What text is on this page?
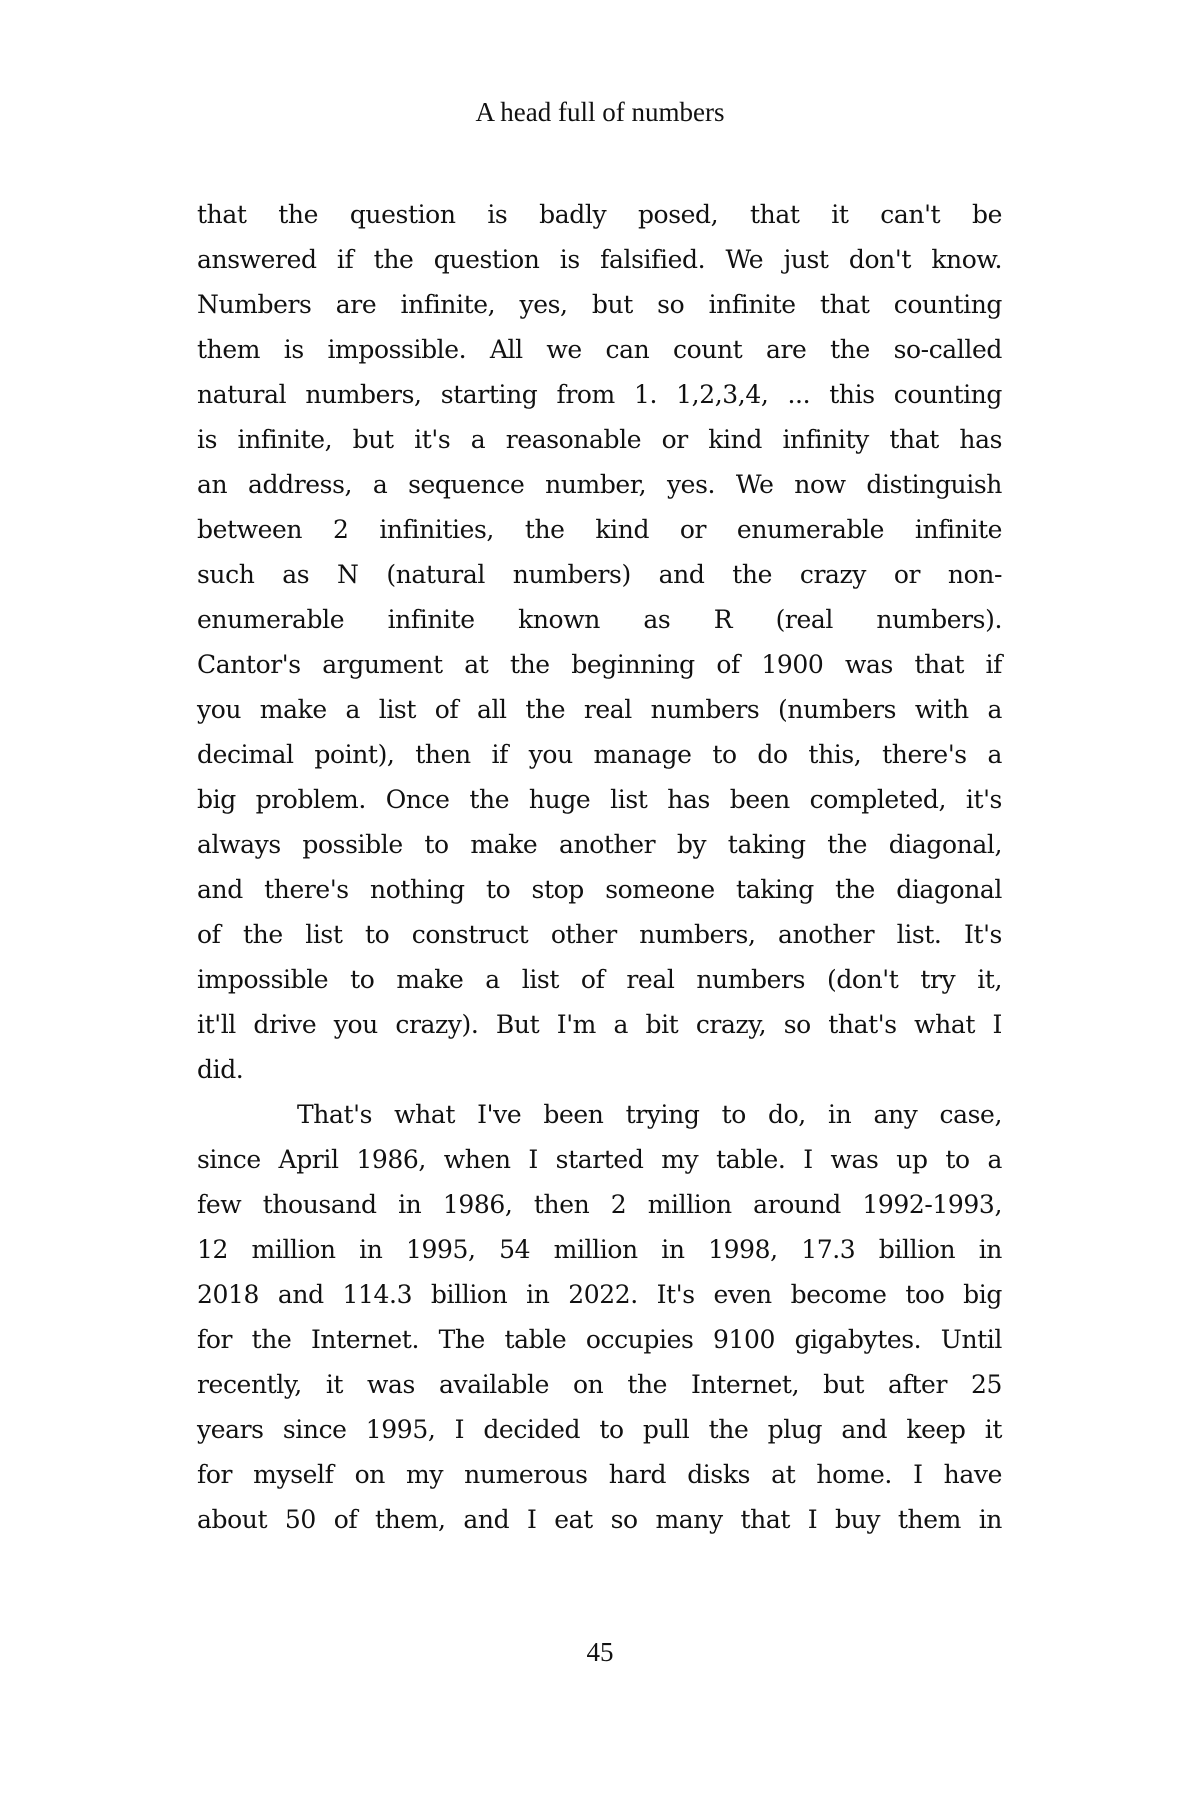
A head full of numbers

that the question is badly posed, that it can't be
answered if the question is falsified. We just don't know.
Numbers are infinite, yes, but so infinite that counting
them is impossible. All we can count are the so-called
natural numbers, starting from 1. 1,2,3,4, ... this counting
is infinite, but it's a reasonable or kind infinity that has
an address, a sequence number, yes. We now distinguish
between 2 infinities, the kind or enumerable infinite
such as N (natural numbers) and the crazy or non-
enumerable infinite known as R (real numbers).
Cantor's argument at the beginning of 1900 was that if
you make a list of all the real numbers (numbers with a
decimal point), then if you manage to do this, there's a
big problem. Once the huge list has been completed, it's
always possible to make another by taking the diagonal,
and there's nothing to stop someone taking the diagonal
of the list to construct other numbers, another list. It's
impossible to make a list of real numbers (don't try it,
it'll drive you crazy). But I'm a bit crazy, so that's what I
did.

That's what I've been trying to do, in any case,
since April 1986, when I started my table. I was up to a
few thousand in 1986, then 2 million around 1992-1993,
12 million in 1995, 54 million in 1998, 17.3 billion in
2018 and 114.3 billion in 2022. It's even become too big
for the Internet. The table occupies 9100 gigabytes. Until
recently, it was available on the Internet, but after 25
years since 1995, I decided to pull the plug and keep it
for myself on my numerous hard disks at home. I have
about 50 of them, and I eat so many that I buy them in

45
